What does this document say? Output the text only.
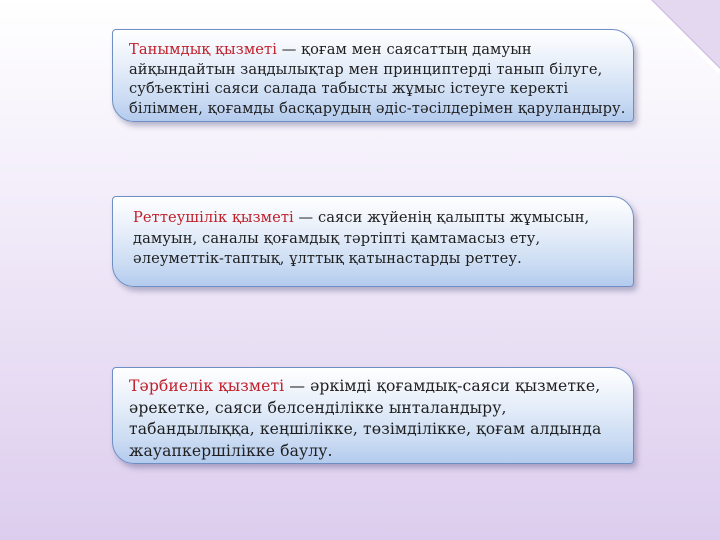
Танымдық қызметі — қоғам мен саясаттың дамуын айқындайтын заңдылықтар мен принциптерді танып білуге, субъектіні саяси салада табысты жұмыс істеуге керекті біліммен, қоғамды басқарудың әдіс-тәсілдерімен қаруландыру.

Реттеушілік қызметі — саяси жүйенің қалыпты жұмысын, дамуын, саналы қоғамдық тәртіпті қамтамасыз ету, әлеуметтік-таптық, ұлттық қатынастарды реттеу.

Тәрбиелік қызметі — әркімді қоғамдық-саяси қызметке, әрекетке, саяси белсенділікке ынталандыру, табандылыққа, кеңшілікке, төзімділікке, қоғам алдында жауапкершілікке баулу.
